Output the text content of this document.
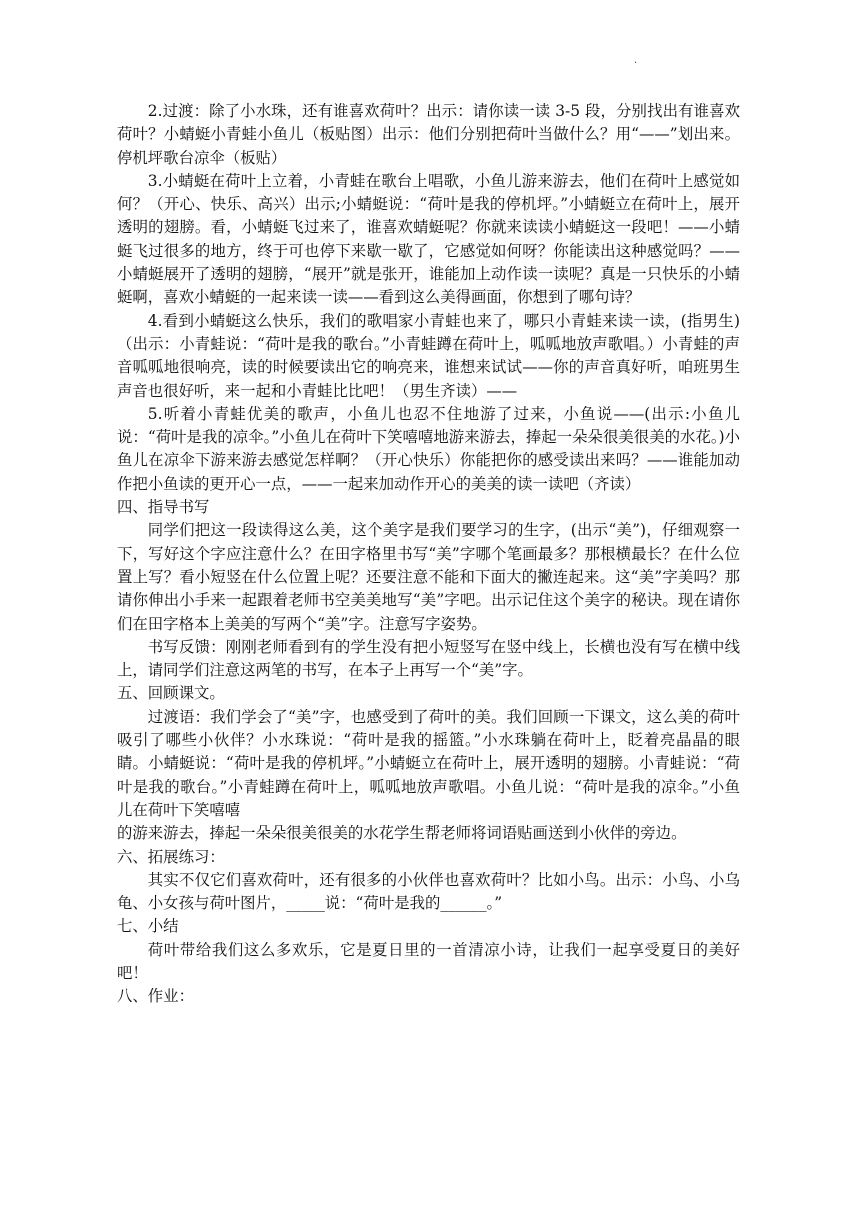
·

2.过渡：除了小水珠，还有谁喜欢荷叶？出示：请你读一读 3-5 段，分别找出有谁喜欢荷叶？小蜻蜓小青蛙小鱼儿（板贴图）出示：他们分别把荷叶当做什么？用“——”划出来。停机坪歌台凉伞（板贴）

3.小蜻蜓在荷叶上立着，小青蛙在歌台上唱歌，小鱼儿游来游去，他们在荷叶上感觉如何？（开心、快乐、高兴）出示;小蜻蜓说：“荷叶是我的停机坪。”小蜻蜓立在荷叶上，展开透明的翅膀。看，小蜻蜓飞过来了，谁喜欢蜻蜓呢？你就来读读小蜻蜓这一段吧！——小蜻蜓飞过很多的地方，终于可也停下来歇一歇了，它感觉如何呀？你能读出这种感觉吗？——小蜻蜓展开了透明的翅膀，“展开”就是张开，谁能加上动作读一读呢？真是一只快乐的小蜻蜓啊，喜欢小蜻蜓的一起来读一读——看到这么美得画面，你想到了哪句诗？

4.看到小蜻蜓这么快乐，我们的歌唱家小青蛙也来了，哪只小青蛙来读一读，(指男生)（出示：小青蛙说：“荷叶是我的歌台。”小青蛙蹲在荷叶上，呱呱地放声歌唱。）小青蛙的声音呱呱地很响亮，读的时候要读出它的响亮来，谁想来试试——你的声音真好听，咱班男生声音也很好听，来一起和小青蛙比比吧！（男生齐读）——

5.听着小青蛙优美的歌声，小鱼儿也忍不住地游了过来，小鱼说——(出示:小鱼儿说：“荷叶是我的凉伞。”小鱼儿在荷叶下笑嘻嘻地游来游去，捧起一朵朵很美很美的水花。)小鱼儿在凉伞下游来游去感觉怎样啊？（开心快乐）你能把你的感受读出来吗？——谁能加动作把小鱼读的更开心一点，——一起来加动作开心的美美的读一读吧（齐读）

四、指导书写

同学们把这一段读得这么美，这个美字是我们要学习的生字，(出示“美”)，仔细观察一下，写好这个字应注意什么？在田字格里书写“美”字哪个笔画最多？那根横最长？在什么位置上写？看小短竖在什么位置上呢？还要注意不能和下面大的撇连起来。这“美”字美吗？那请你伸出小手来一起跟着老师书空美美地写“美”字吧。出示记住这个美字的秘诀。现在请你们在田字格本上美美的写两个“美”字。注意写字姿势。

书写反馈：刚刚老师看到有的学生没有把小短竖写在竖中线上，长横也没有写在横中线上，请同学们注意这两笔的书写，在本子上再写一个“美”字。

五、回顾课文。

过渡语：我们学会了“美”字，也感受到了荷叶的美。我们回顾一下课文，这么美的荷叶吸引了哪些小伙伴？小水珠说：“荷叶是我的摇篮。”小水珠躺在荷叶上，眨着亮晶晶的眼睛。小蜻蜓说：“荷叶是我的停机坪。”小蜻蜓立在荷叶上，展开透明的翅膀。小青蛙说：“荷叶是我的歌台。”小青蛙蹲在荷叶上，呱呱地放声歌唱。小鱼儿说：“荷叶是我的凉伞。”小鱼儿在荷叶下笑嘻嘻

的游来游去，捧起一朵朵很美很美的水花学生帮老师将词语贴画送到小伙伴的旁边。

六、拓展练习：

其实不仅它们喜欢荷叶，还有很多的小伙伴也喜欢荷叶？比如小鸟。出示：小鸟、小乌龟、小女孩与荷叶图片，_____说：“荷叶是我的______。”

七、小结

荷叶带给我们这么多欢乐，它是夏日里的一首清凉小诗，让我们一起享受夏日的美好吧！

八、作业：
